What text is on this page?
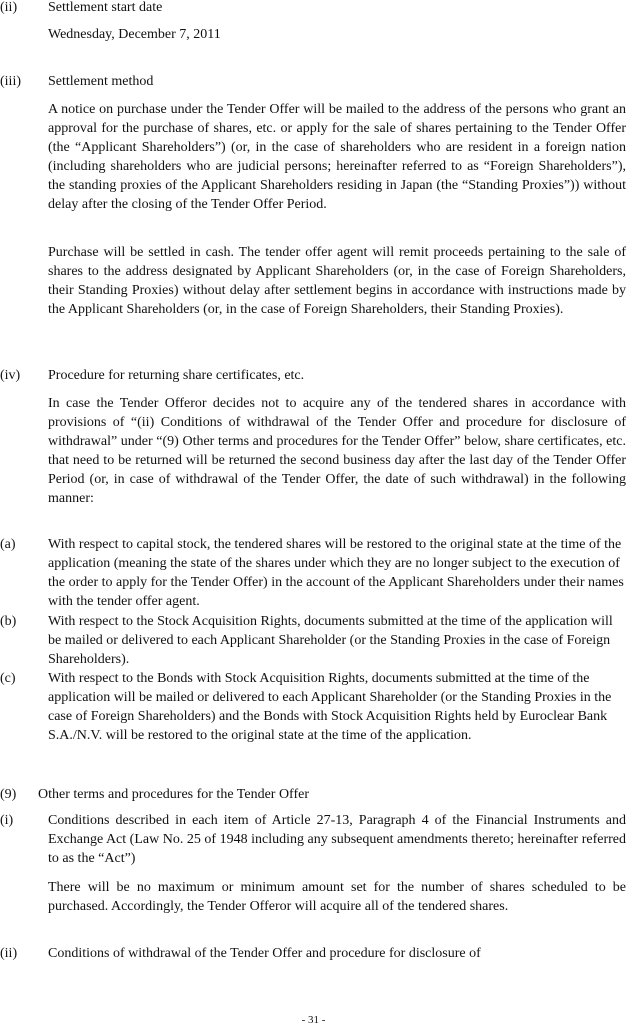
(ii) Settlement start date
Wednesday, December 7, 2011
(iii) Settlement method
A notice on purchase under the Tender Offer will be mailed to the address of the persons who grant an approval for the purchase of shares, etc. or apply for the sale of shares pertaining to the Tender Offer (the “Applicant Shareholders”) (or, in the case of shareholders who are resident in a foreign nation (including shareholders who are judicial persons; hereinafter referred to as “Foreign Shareholders”), the standing proxies of the Applicant Shareholders residing in Japan (the “Standing Proxies”)) without delay after the closing of the Tender Offer Period.
Purchase will be settled in cash. The tender offer agent will remit proceeds pertaining to the sale of shares to the address designated by Applicant Shareholders (or, in the case of Foreign Shareholders, their Standing Proxies) without delay after settlement begins in accordance with instructions made by the Applicant Shareholders (or, in the case of Foreign Shareholders, their Standing Proxies).
(iv) Procedure for returning share certificates, etc.
In case the Tender Offeror decides not to acquire any of the tendered shares in accordance with provisions of “(ii) Conditions of withdrawal of the Tender Offer and procedure for disclosure of withdrawal” under “(9) Other terms and procedures for the Tender Offer” below, share certificates, etc. that need to be returned will be returned the second business day after the last day of the Tender Offer Period (or, in case of withdrawal of the Tender Offer, the date of such withdrawal) in the following manner:
(a) With respect to capital stock, the tendered shares will be restored to the original state at the time of the application (meaning the state of the shares under which they are no longer subject to the execution of the order to apply for the Tender Offer) in the account of the Applicant Shareholders under their names with the tender offer agent.
(b) With respect to the Stock Acquisition Rights, documents submitted at the time of the application will be mailed or delivered to each Applicant Shareholder (or the Standing Proxies in the case of Foreign Shareholders).
(c) With respect to the Bonds with Stock Acquisition Rights, documents submitted at the time of the application will be mailed or delivered to each Applicant Shareholder (or the Standing Proxies in the case of Foreign Shareholders) and the Bonds with Stock Acquisition Rights held by Euroclear Bank S.A./N.V. will be restored to the original state at the time of the application.
(9) Other terms and procedures for the Tender Offer
(i) Conditions described in each item of Article 27-13, Paragraph 4 of the Financial Instruments and Exchange Act (Law No. 25 of 1948 including any subsequent amendments thereto; hereinafter referred to as the “Act”)
There will be no maximum or minimum amount set for the number of shares scheduled to be purchased. Accordingly, the Tender Offeror will acquire all of the tendered shares.
(ii) Conditions of withdrawal of the Tender Offer and procedure for disclosure of
- 31 -
